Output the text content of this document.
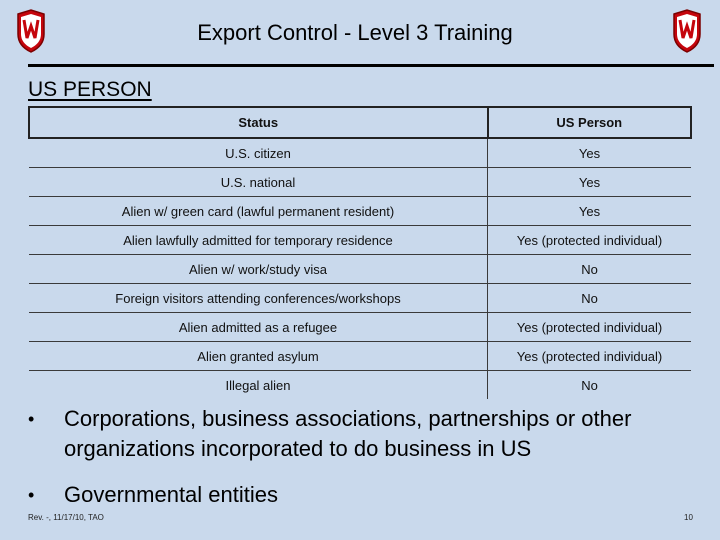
Export Control - Level 3 Training
US PERSON
Status	US Person
U.S. citizen	Yes
U.S. national	Yes
Alien w/ green card (lawful permanent resident)	Yes
Alien lawfully admitted for temporary residence	Yes (protected individual)
Alien w/ work/study visa	No
Foreign visitors attending conferences/workshops	No
Alien admitted as a refugee	Yes (protected individual)
Alien granted asylum	Yes (protected individual)
Illegal alien	No
•	Corporations, business associations, partnerships or other organizations incorporated to do business in US
•	Governmental entities
Rev. -, 11/17/10, TAO	10
